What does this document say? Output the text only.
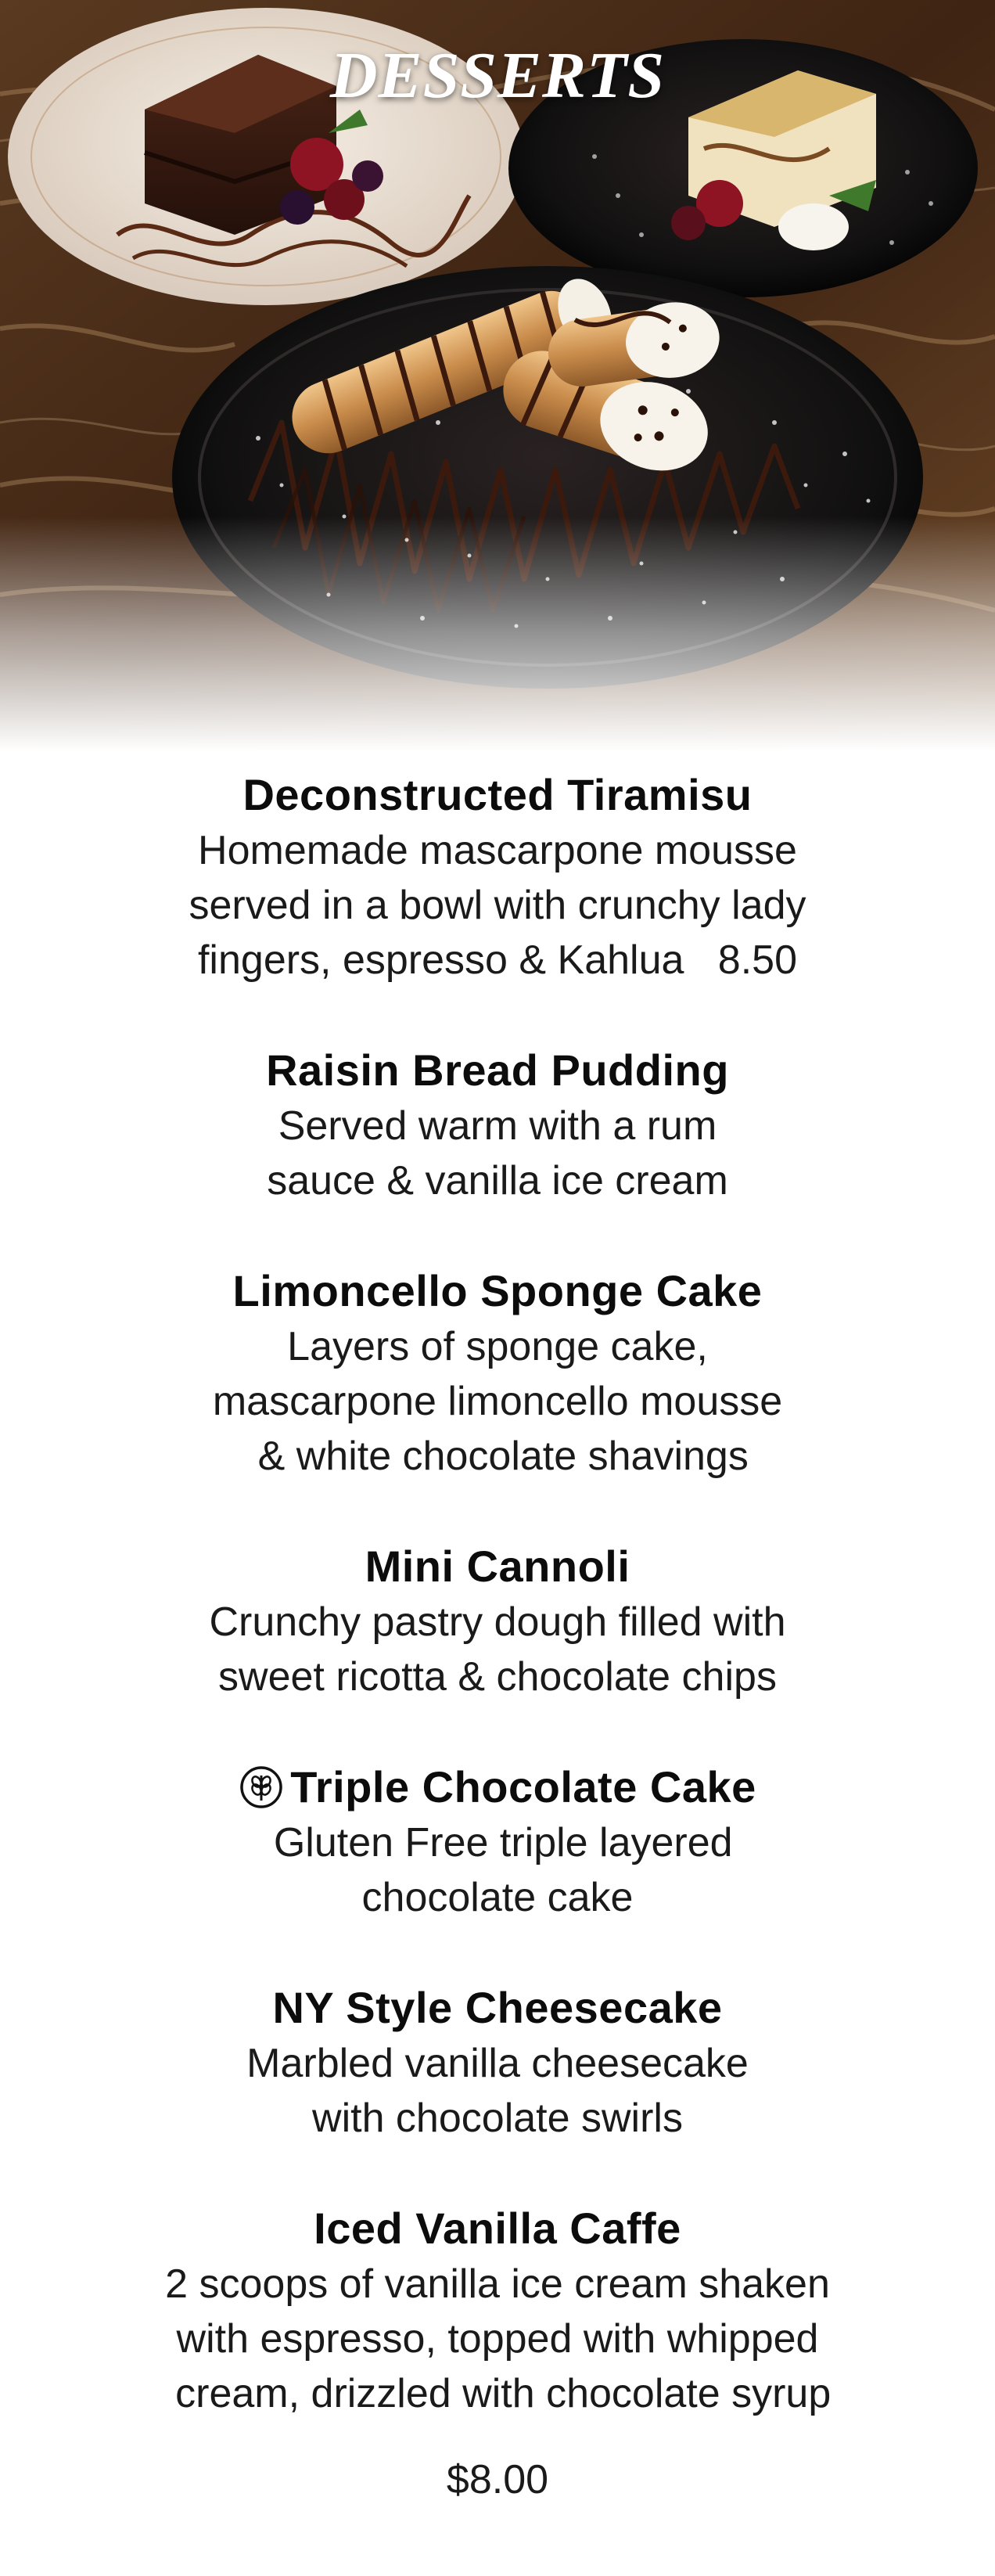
DESSERTS
Deconstructed Tiramisu

Homemade mascarpone mousse
served in a bowl with crunchy lady
fingers, espresso & Kahlua   8.50

Raisin Bread Pudding

Served warm with a rum
sauce & vanilla ice cream

Limoncello Sponge Cake

Layers of sponge cake,
mascarpone limoncello mousse
& white chocolate shavings

Mini Cannoli

Crunchy pastry dough filled with
sweet ricotta & chocolate chips

Triple Chocolate Cake

Gluten Free triple layered
chocolate cake

NY Style Cheesecake

Marbled vanilla cheesecake
with chocolate swirls

Iced Vanilla Caffe

2 scoops of vanilla ice cream shaken
with espresso, topped with whipped
cream, drizzled with chocolate syrup

$8.00
